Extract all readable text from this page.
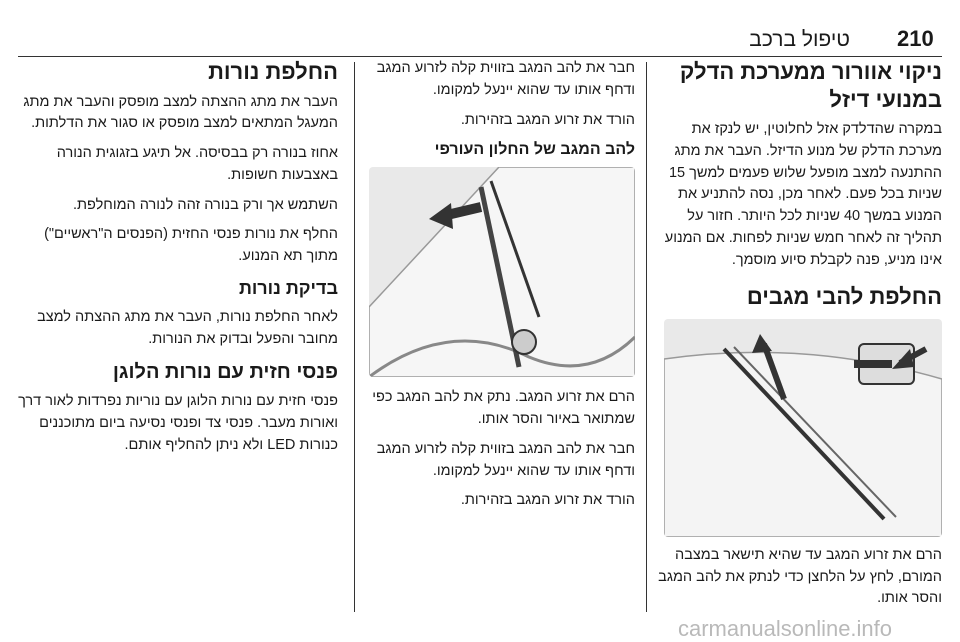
210
טיפול ברכב
ניקוי אוורור ממערכת הדלק
במנועי דיזל

במקרה שהדלדק אזל לחלוטין, יש לנקז את מערכת הדלק של מנוע הדיזל. העבר את מתג ההתנעה למצב מופעל שלוש פעמים למשך 15 שניות בכל פעם. לאחר מכן, נסה להתניע את המנוע במשך 40 שניות לכל היותר. חזור על תהליך זה לאחר חמש שניות לפחות. אם המנוע אינו מניע, פנה לקבלת סיוע מוסמך.

החלפת להבי מגבים

הרם את זרוע המגב עד שהיא תישאר במצבה המורם, לחץ על הלחצן כדי לנתק את להב המגב והסר אותו.

חבר את להב המגב בזווית קלה לזרוע המגב ודחף אותו עד שהוא יינעל למקומו.

הורד את זרוע המגב בזהירות.

להב המגב של החלון העורפי

הרם את זרוע המגב. נתק את להב המגב כפי שמתואר באיור והסר אותו.

חבר את להב המגב בזווית קלה לזרוע המגב ודחף אותו עד שהוא יינעל למקומו.

הורד את זרוע המגב בזהירות.

החלפת נורות

העבר את מתג ההצתה למצב מופסק והעבר את מתג המעגל המתאים למצב מופסק או סגור את הדלתות.

אחוז בנורה רק בבסיסה. אל תיגע בזגוגית הנורה באצבעות חשופות.

השתמש אך ורק בנורה זהה לנורה המוחלפת.

החלף את נורות פנסי החזית (הפנסים ה"ראשיים") מתוך תא המנוע.

בדיקת נורות

לאחר החלפת נורות, העבר את מתג ההצתה למצב מחובר והפעל ובדוק את הנורות.

פנסי חזית עם נורות הלוגן

פנסי חזית עם נורות הלוגן עם נוריות נפרדות לאור דרך ואורות מעבר. פנסי צד ופנסי נסיעה ביום מתוכננים כנורות LED ולא ניתן להחליף אותם.

carmanualsonline.info
